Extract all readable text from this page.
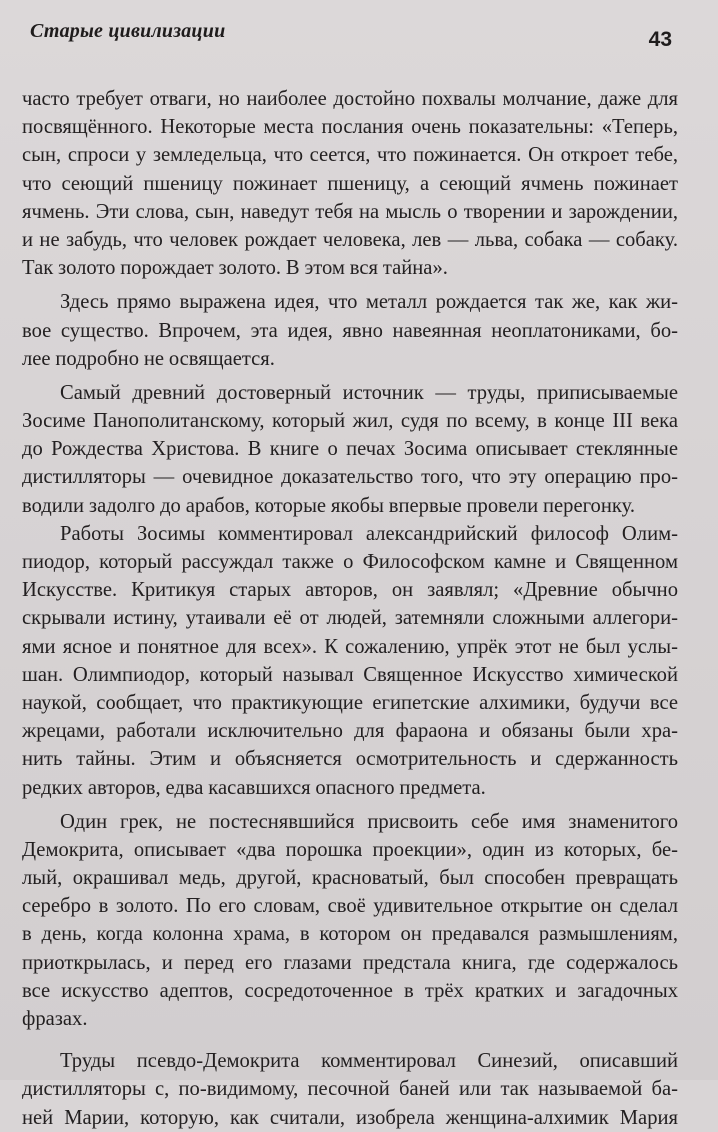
Старые цивилизации	43
часто требует отваги, но наиболее достойно похвалы молчание, даже для
посвящённого. Некоторые места послания очень показательны: «Теперь,
сын, спроси у земледельца, что сеется, что пожинается. Он откроет тебе,
что сеющий пшеницу пожинает пшеницу, а сеющий ячмень пожинает
ячмень. Эти слова, сын, наведут тебя на мысль о творении и зарождении,
и не забудь, что человек рождает человека, лев — льва, собака — собаку.
Так золото порождает золото. В этом вся тайна».
Здесь прямо выражена идея, что металл рождается так же, как жи-
вое существо. Впрочем, эта идея, явно навеянная неоплатониками, бо-
лее подробно не освящается.
Самый древний достоверный источник — труды, приписываемые
Зосиме Панополитанскому, который жил, судя по всему, в конце III века
до Рождества Христова. В книге о печах Зосима описывает стеклянные
дистилляторы — очевидное доказательство того, что эту операцию про-
водили задолго до арабов, которые якобы впервые провели перегонку.
Работы Зосимы комментировал александрийский философ Олим-
пиодор, который рассуждал также о Философском камне и Священном
Искусстве. Критикуя старых авторов, он заявлял; «Древние обычно
скрывали истину, утаивали её от людей, затемняли сложными аллегори-
ями ясное и понятное для всех». К сожалению, упрёк этот не был услы-
шан. Олимпиодор, который называл Священное Искусство химической
наукой, сообщает, что практикующие египетские алхимики, будучи все
жрецами, работали исключительно для фараона и обязаны были хра-
нить тайны. Этим и объясняется осмотрительность и сдержанность
редких авторов, едва касавшихся опасного предмета.
Один грек, не постеснявшийся присвоить себе имя знаменитого
Демокрита, описывает «два порошка проекции», один из которых, бе-
лый, окрашивал медь, другой, красноватый, был способен превращать
серебро в золото. По его словам, своё удивительное открытие он сделал
в день, когда колонна храма, в котором он предавался размышлениям,
приоткрылась, и перед его глазами предстала книга, где содержалось
все искусство адептов, сосредоточенное в трёх кратких и загадочных
фразах.
Труды псевдо-Демокрита комментировал Синезий, описавший
дистилляторы с, по-видимому, песочной баней или так называемой ба-
ней Марии, которую, как считали, изобрела женщина-алхимик Мария
